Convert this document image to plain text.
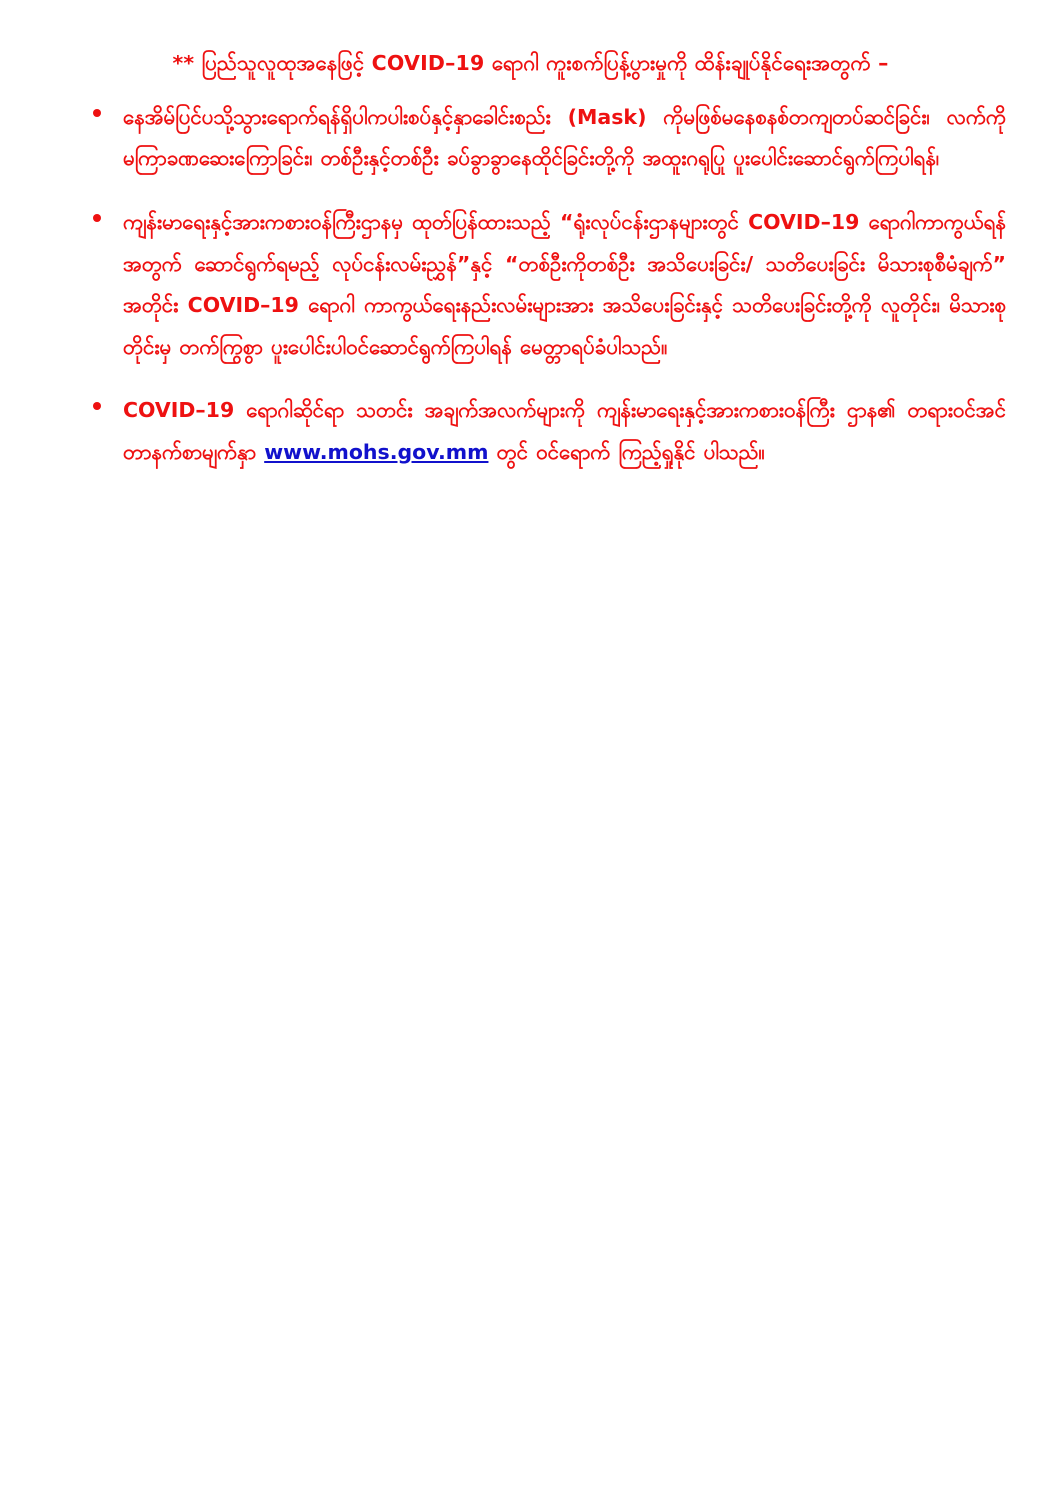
** ပြည်သူလူထုအနေဖြင့် COVID–19 ရောဂါ ကူးစက်ပြန့်ပွားမှုကို ထိန်းချုပ်နိုင်ရေးအတွက် –
နေအိမ်ပြင်ပသို့သွားရောက်ရန်ရှိပါကပါးစပ်နှင့်နှာခေါင်းစည်း (Mask) ကိုမဖြစ်မနေစနစ်တကျတပ်ဆင်ခြင်း၊ လက်ကိုမကြာခဏဆေးကြောခြင်း၊ တစ်ဦးနှင့်တစ်ဦး ခပ်ခွာခွာနေထိုင်ခြင်းတို့ကို အထူးဂရုပြု ပူးပေါင်းဆောင်ရွက်ကြပါရန်၊
ကျန်းမာရေးနှင့်အားကစားဝန်ကြီးဌာနမှ ထုတ်ပြန်ထားသည့် “ရုံးလုပ်ငန်းဌာနများတွင် COVID–19 ရောဂါကာကွယ်ရန်အတွက် ဆောင်ရွက်ရမည့် လုပ်ငန်းလမ်းညွှန်”နှင့် “တစ်ဦးကိုတစ်ဦး အသိပေးခြင်း/ သတိပေးခြင်း မိသားစုစီမံချက်” အတိုင်း COVID–19 ရောဂါ ကာကွယ်ရေးနည်းလမ်းများအား အသိပေးခြင်းနှင့် သတိပေးခြင်းတို့ကို လူတိုင်း၊ မိသားစုတိုင်းမှ တက်ကြွစွာ ပူးပေါင်းပါဝင်ဆောင်ရွက်ကြပါရန် မေတ္တာရပ်ခံပါသည်။
COVID–19 ရောဂါဆိုင်ရာ သတင်း အချက်အလက်များကို ကျန်းမာရေးနှင့်အားကစားဝန်ကြီး ဌာန၏ တရားဝင်အင်တာနက်စာမျက်နှာ www.mohs.gov.mm တွင် ဝင်ရောက် ကြည့်ရှုနိုင် ပါသည်။
